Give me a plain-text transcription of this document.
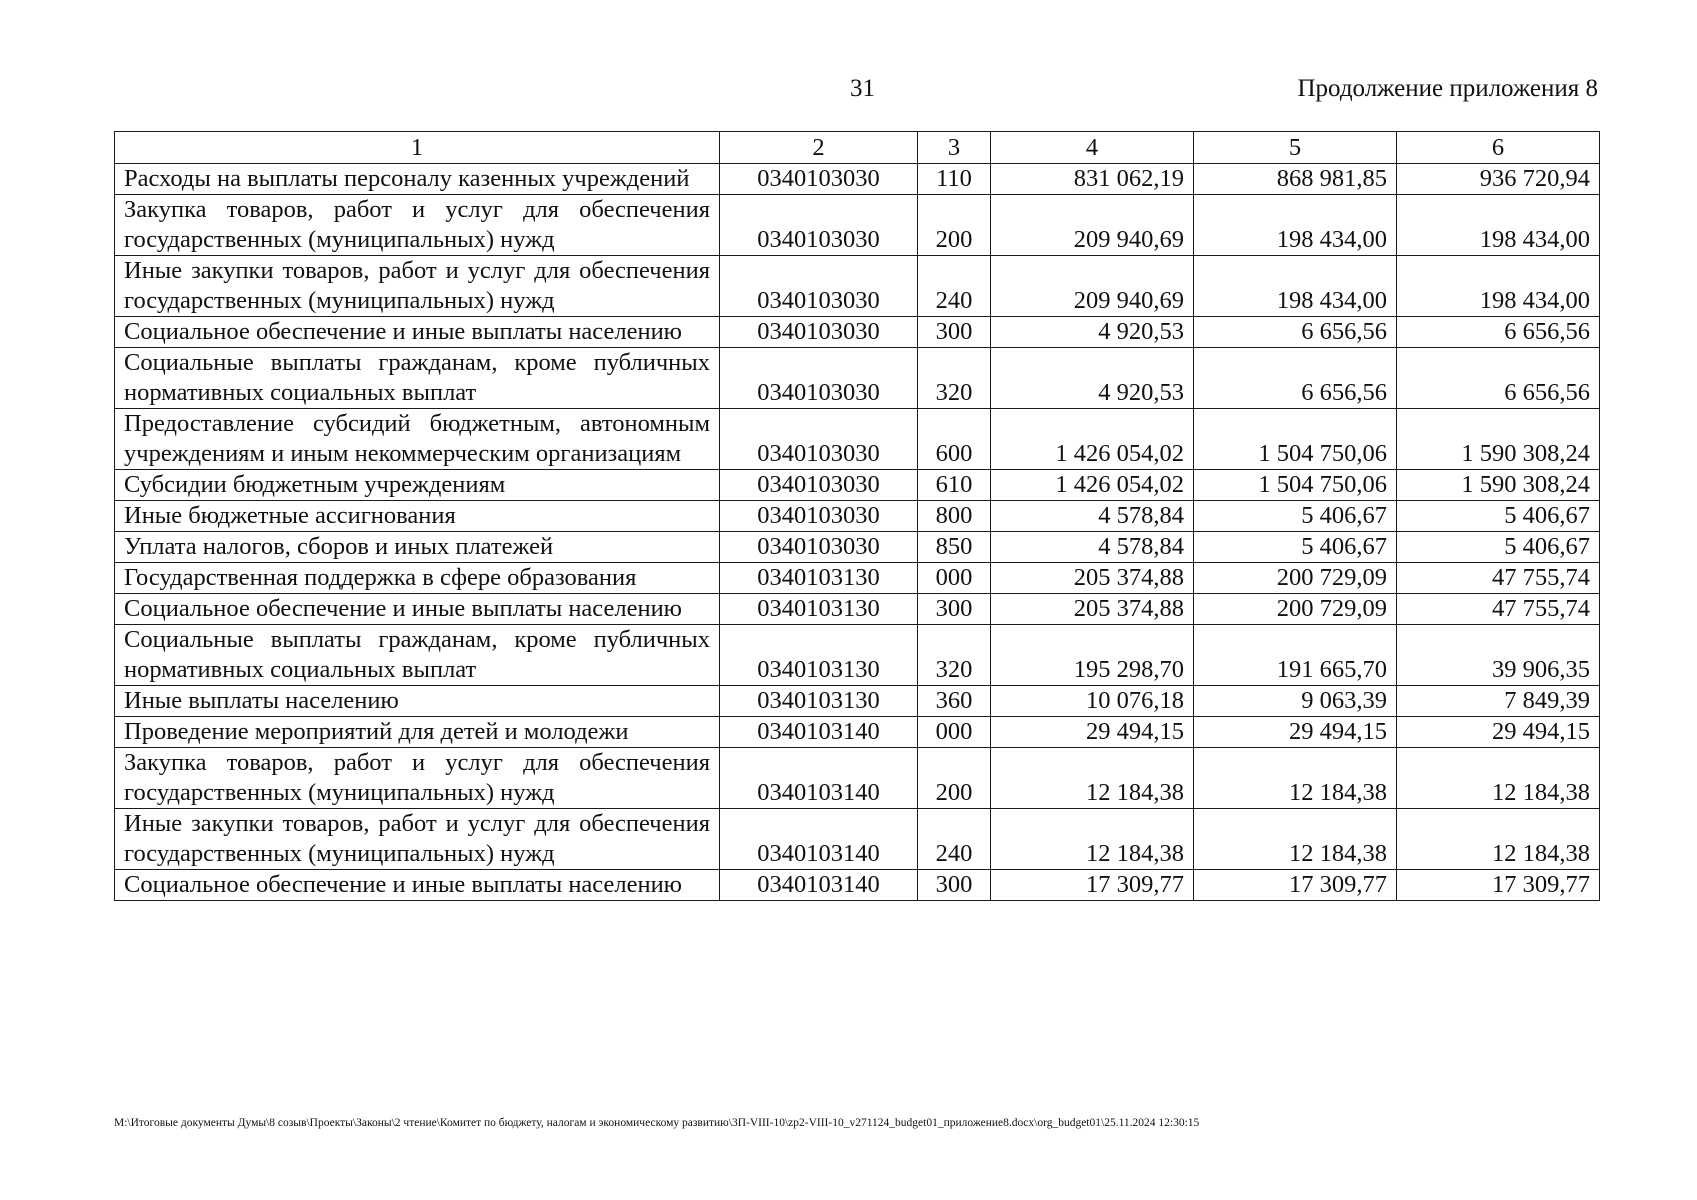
31	Продолжение приложения 8
1	2	3	4	5	6
Расходы на выплаты персоналу казенных учреждений	0340103030	110	831 062,19	868 981,85	936 720,94
Закупка товаров, работ и услуг для обеспечения государственных (муниципальных) нужд	0340103030	200	209 940,69	198 434,00	198 434,00
Иные закупки товаров, работ и услуг для обеспечения государственных (муниципальных) нужд	0340103030	240	209 940,69	198 434,00	198 434,00
Социальное обеспечение и иные выплаты населению	0340103030	300	4 920,53	6 656,56	6 656,56
Социальные выплаты гражданам, кроме публичных нормативных социальных выплат	0340103030	320	4 920,53	6 656,56	6 656,56
Предоставление субсидий бюджетным, автономным учреждениям и иным некоммерческим организациям	0340103030	600	1 426 054,02	1 504 750,06	1 590 308,24
Субсидии бюджетным учреждениям	0340103030	610	1 426 054,02	1 504 750,06	1 590 308,24
Иные бюджетные ассигнования	0340103030	800	4 578,84	5 406,67	5 406,67
Уплата налогов, сборов и иных платежей	0340103030	850	4 578,84	5 406,67	5 406,67
Государственная поддержка в сфере образования	0340103130	000	205 374,88	200 729,09	47 755,74
Социальное обеспечение и иные выплаты населению	0340103130	300	205 374,88	200 729,09	47 755,74
Социальные выплаты гражданам, кроме публичных нормативных социальных выплат	0340103130	320	195 298,70	191 665,70	39 906,35
Иные выплаты населению	0340103130	360	10 076,18	9 063,39	7 849,39
Проведение мероприятий для детей и молодежи	0340103140	000	29 494,15	29 494,15	29 494,15
Закупка товаров, работ и услуг для обеспечения государственных (муниципальных) нужд	0340103140	200	12 184,38	12 184,38	12 184,38
Иные закупки товаров, работ и услуг для обеспечения государственных (муниципальных) нужд	0340103140	240	12 184,38	12 184,38	12 184,38
Социальное обеспечение и иные выплаты населению	0340103140	300	17 309,77	17 309,77	17 309,77
M:\Итоговые документы Думы\8 созыв\Проекты\Законы\2 чтение\Комитет по бюджету, налогам и экономическому развитию\3П-VIII-10\zp2-VIII-10_v271124_budget01_приложение8.docx\org_budget01\25.11.2024 12:30:15
